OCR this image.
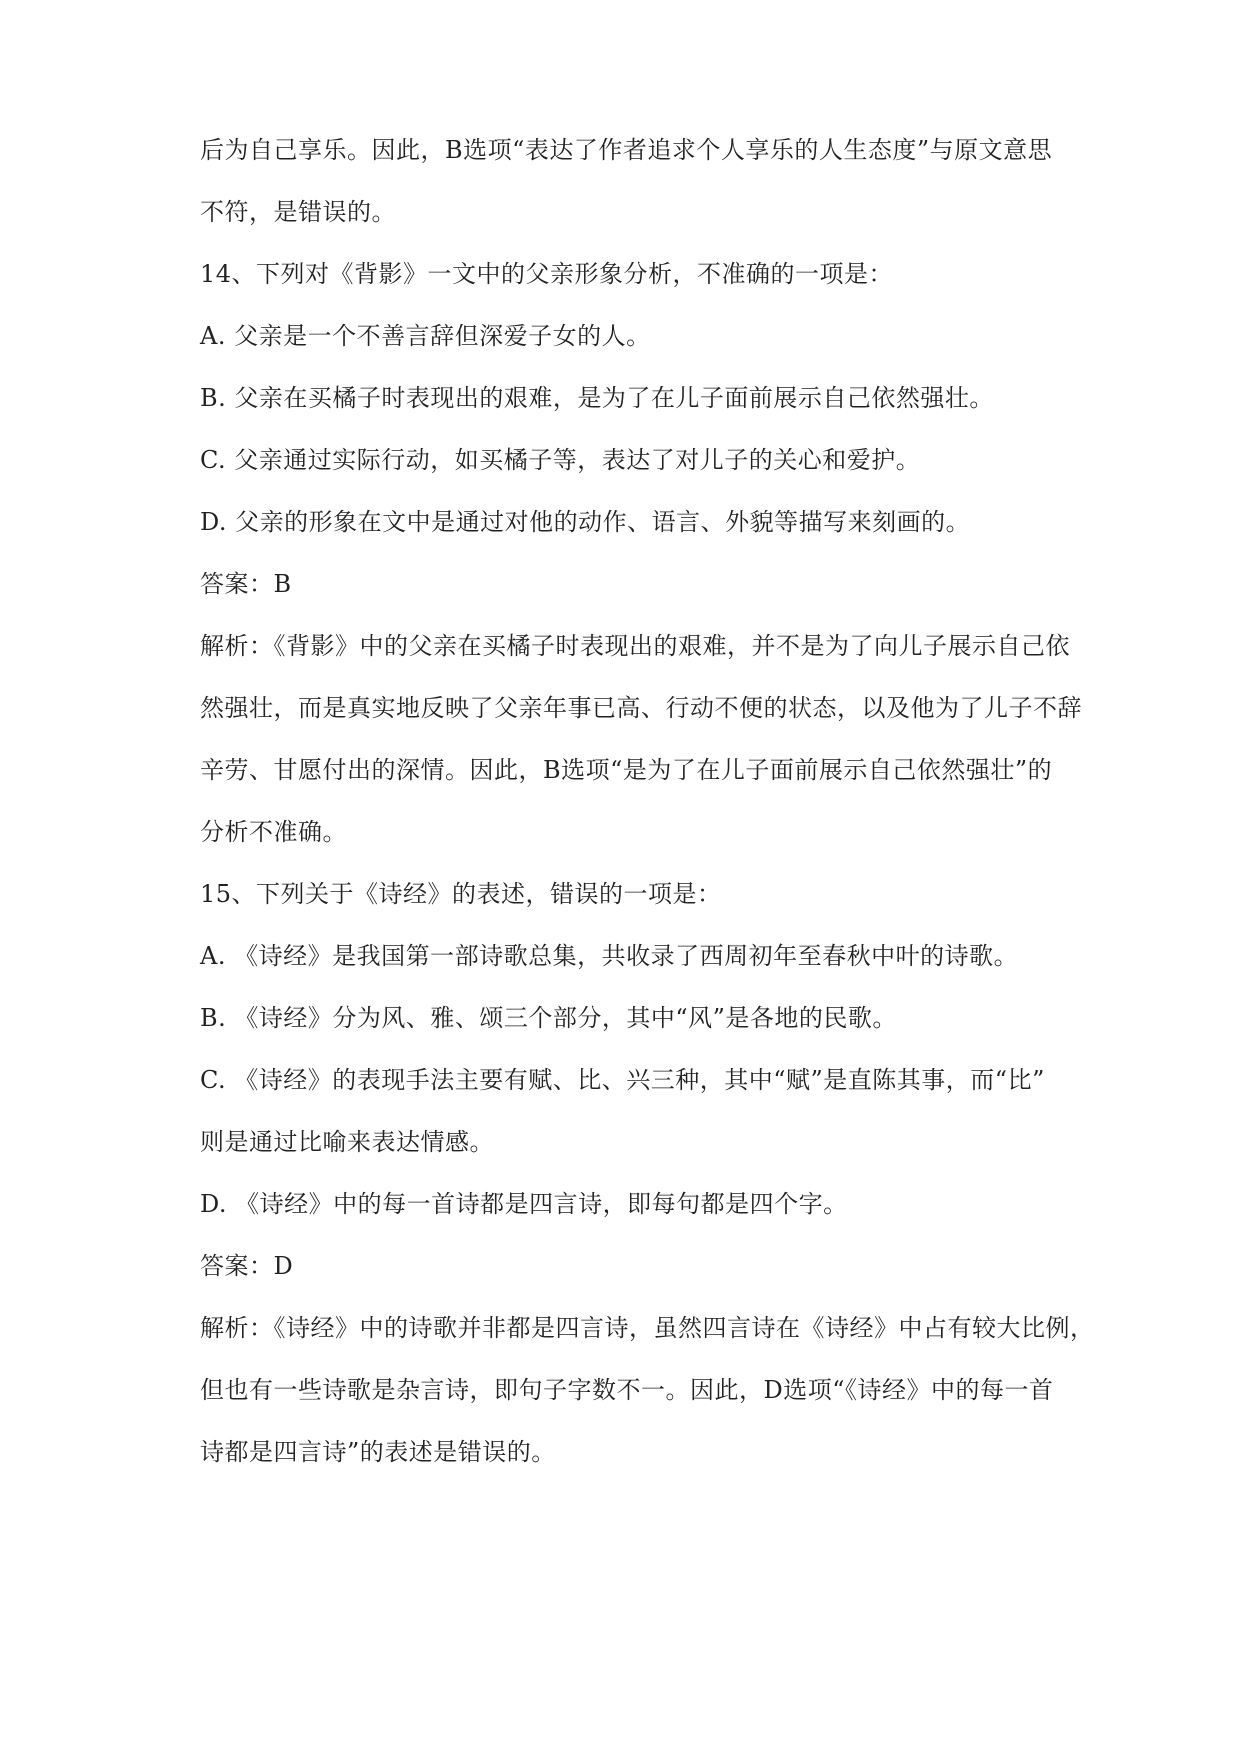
后为自己享乐。因此，B选项“表达了作者追求个人享乐的人生态度”与原文意思
不符，是错误的。
14、下列对《背影》一文中的父亲形象分析，不准确的一项是：
A. 父亲是一个不善言辞但深爱子女的人。
B. 父亲在买橘子时表现出的艰难，是为了在儿子面前展示自己依然强壮。
C. 父亲通过实际行动，如买橘子等，表达了对儿子的关心和爱护。
D. 父亲的形象在文中是通过对他的动作、语言、外貌等描写来刻画的。
答案：B
解析：《背影》中的父亲在买橘子时表现出的艰难，并不是为了向儿子展示自己依
然强壮，而是真实地反映了父亲年事已高、行动不便的状态，以及他为了儿子不辞
辛劳、甘愿付出的深情。因此，B选项“是为了在儿子面前展示自己依然强壮”的
分析不准确。
15、下列关于《诗经》的表述，错误的一项是：
A. 《诗经》是我国第一部诗歌总集，共收录了西周初年至春秋中叶的诗歌。
B. 《诗经》分为风、雅、颂三个部分，其中“风”是各地的民歌。
C. 《诗经》的表现手法主要有赋、比、兴三种，其中“赋”是直陈其事，而“比”
则是通过比喻来表达情感。
D. 《诗经》中的每一首诗都是四言诗，即每句都是四个字。
答案：D
解析：《诗经》中的诗歌并非都是四言诗，虽然四言诗在《诗经》中占有较大比例，
但也有一些诗歌是杂言诗，即句子字数不一。因此，D选项“《诗经》中的每一首
诗都是四言诗”的表述是错误的。
